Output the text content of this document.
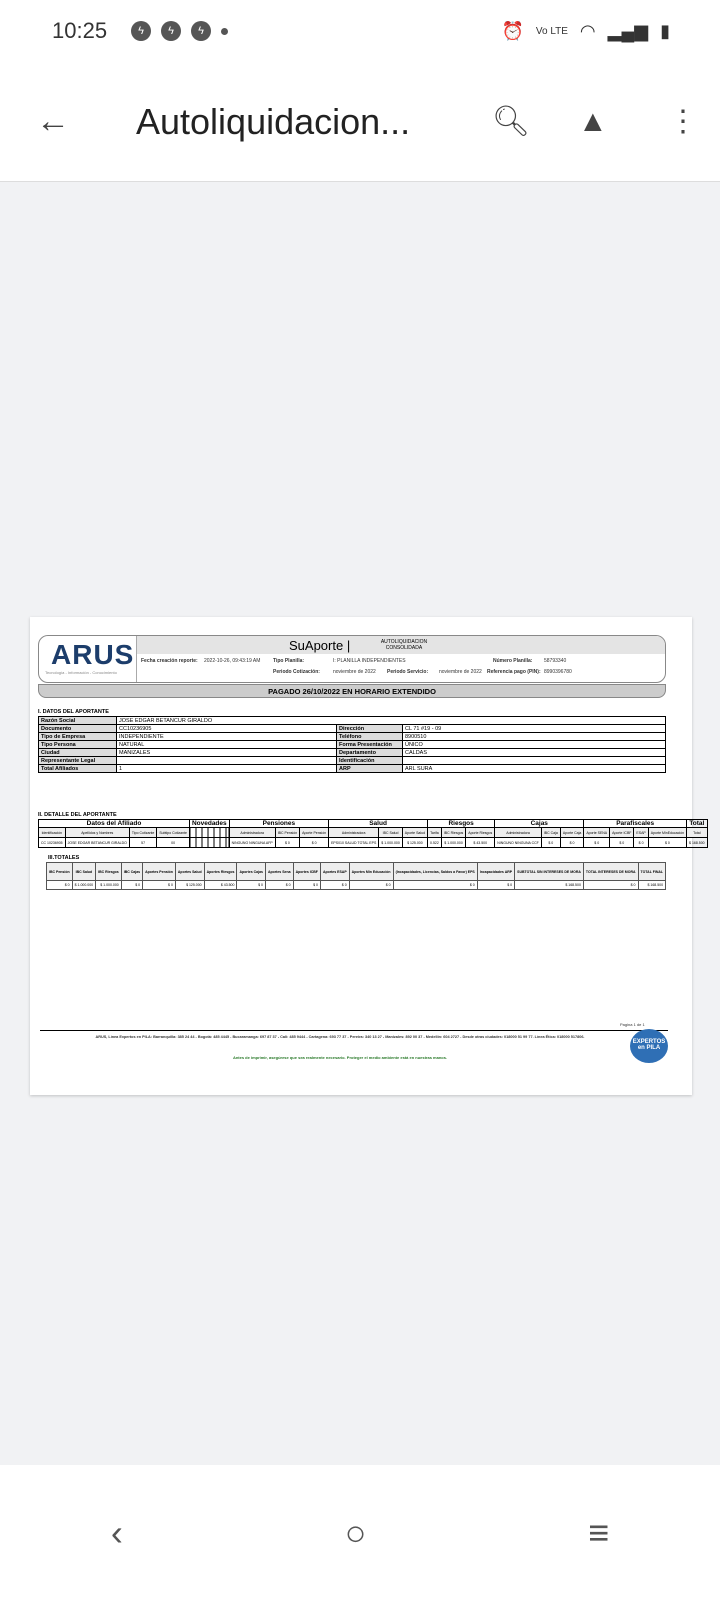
10:25	ϟ	ϟ	ϟ	⏰ Vo LTE ◠ ▂▄▆ ▮
← Autoliquidacion...	🔍︎ ▲ ⋮
ARUS
Tecnología - Información - Conocimiento
SuAporte |	AUTOLIQUIDACION CONSOLIDADA
Fecha creación reporte: 2022-10-26, 09:43:19 AM	Tipo Planilla:	I: PLANILLA INDEPENDIENTES	Número Planilla: 58793340
Periodo Cotización:	noviembre de 2022 Periodo Servicio: noviembre de 2022 Referencia pago (PIN): 8990396780
PAGADO 26/10/2022 EN HORARIO EXTENDIDO
I. DATOS DEL APORTANTE
Razón Social	JOSE EDGAR BETANCUR GIRALDO		
Documento	CC10236905	Dirección	CL 71 #19 - 09
Tipo de Empresa	INDEPENDIENTE	Teléfono	8900510
Tipo Persona	NATURAL	Forma Presentación	ÚNICO
Ciudad	MANIZALES	Departamento	CALDAS
Representante Legal		Identificación	
Total Afiliados	1	ARP	ARL SURA
II. DETALLE DEL APORTANTE
Datos del Afiliado				Novedades	Pensiones			Salud			Riesgos			Cajas			Parafiscales				Total
Identificación	Apellidos y Nombres	Tipo Cotizante	Subtipo Cotizante		Administradora	IBC Pensión	Aporte Pensión	Administradora	IBC Salud	Aporte Salud	Tarifa	IBC Riesgos	Aporte Riesgos	Administradora	IBC Caja	Aporte Caja	Aporte SENA	Aporte ICBF	ESAP	Aporte MinEducación	Total
CC 10236905	JOSE EDGAR BETANCUR GIRALDO	57	00		NINGUNO NINGUNA AFP	$ 0	$ 0	EPS010 SALUD TOTAL EPS	$ 1.000.000	$ 125.000	0.522	$ 1.000.000	$ 43.500	NINGUNO NINGUNA CCF	$ 0	$ 0	$ 0	$ 0	$ 0	$ 0	$ 168.500
III.TOTALES
IBC Pensión	IBC Salud	IBC Riesgos	IBC Cajas	Aportes Pensión	Aportes Salud	Aportes Riesgos	Aportes Cajas	Aportes Sena	Aportes ICBF	Aportes ESAP	Aportes Min Educación	(Incapacidades, Licencias, Saldos a Favor) EPS	Incapacidades ARP	SUBTOTAL SIN INTERESES DE MORA	TOTAL INTERESES DE MORA	TOTAL FINAL
$ 0	$ 1.000.000	$ 1.000.000	$ 0	$ 0	$ 125.000	$ 43.500	$ 0	$ 0	$ 0	$ 0	$ 0	$ 0	$ 0	$ 168.500	$ 0	$ 168.500
Pagina 1 de 1
ARUS, Línea Expertos en PILA: Barranquilla: 385 24 44 - Bogotá: 485 4445 - Bucaramanga: 697 87 37 - Cali: 485 9444 - Cartagena: 693 77 37 - Pereira: 340 13 27 - Manizales: 892 00 37 - Medellín: 604 2727 - Desde otras ciudades: 018000 51 99 77. Línea Ética: 018000 517806.
Antes de imprimir, asegúrese que sea realmente necesario. Proteger el medio ambiente está en nuestras manos.
EXPERTOS en PILA
‹	○	≡
